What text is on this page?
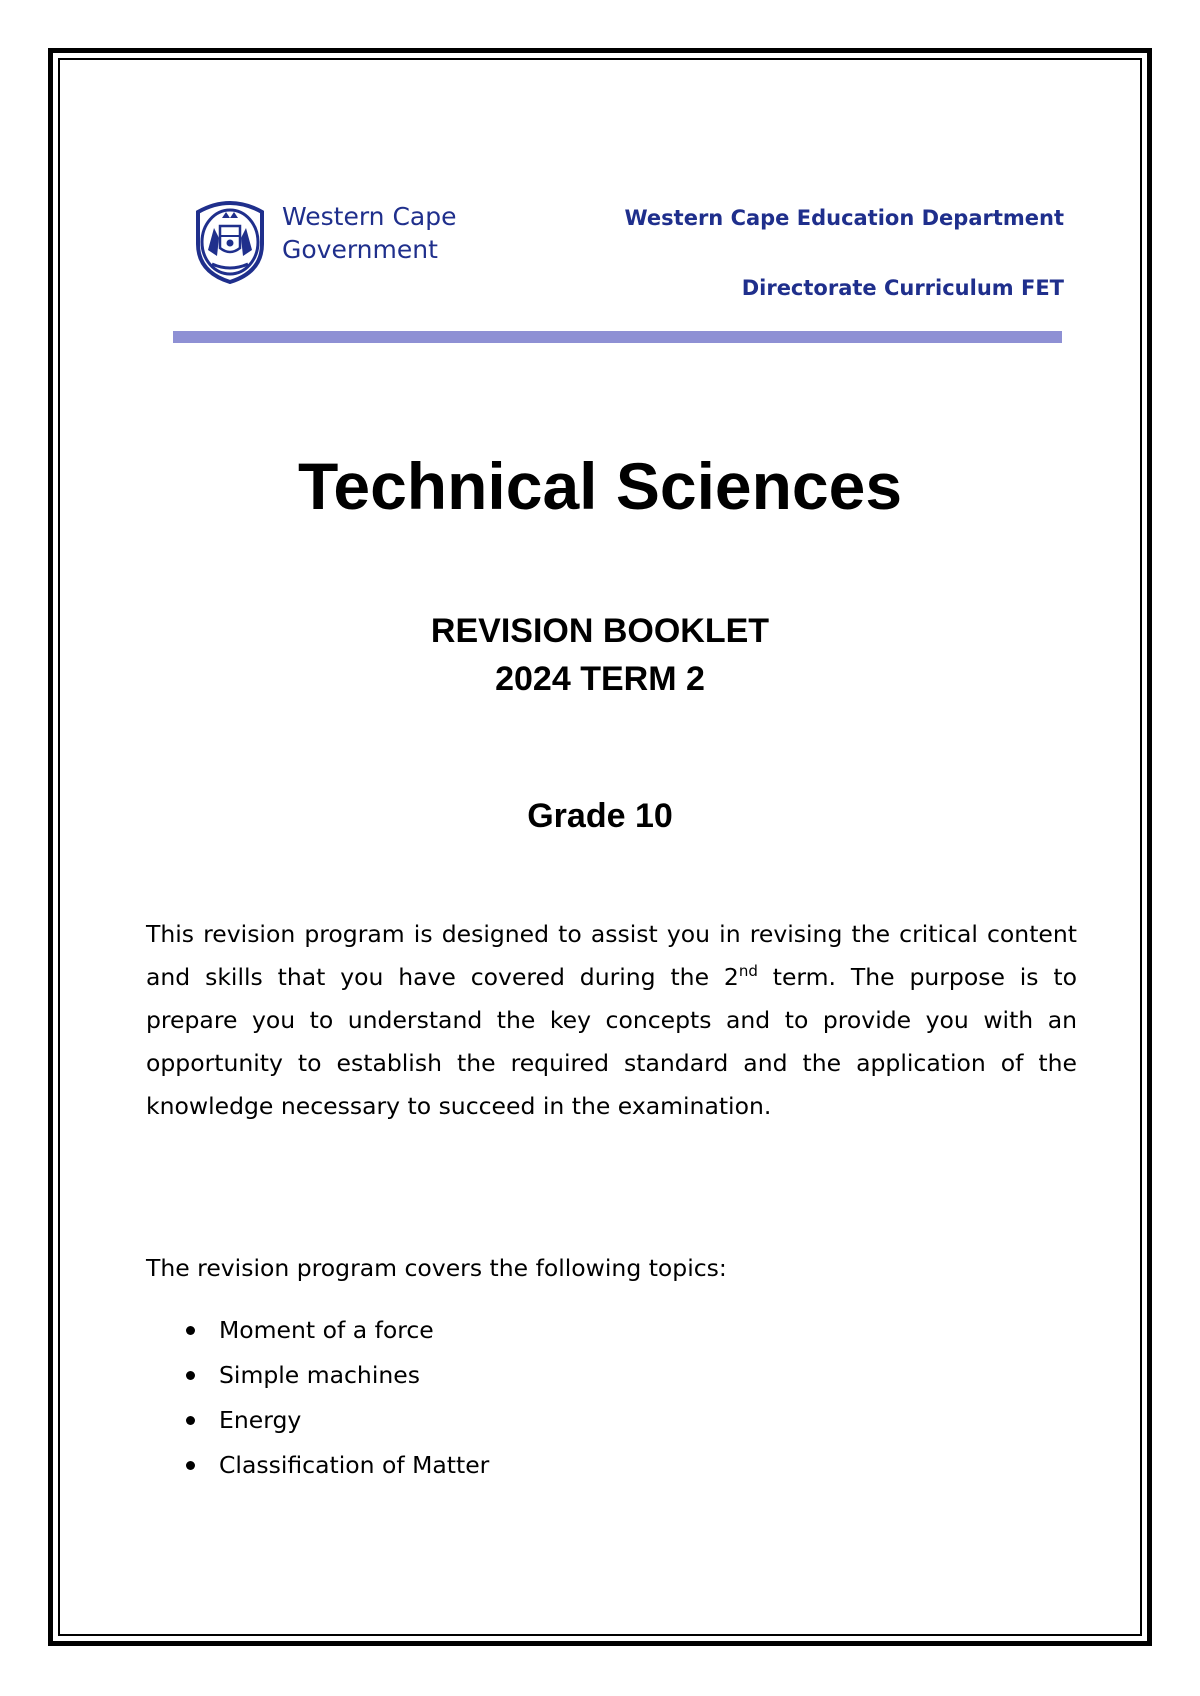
Western Cape
Government
Western Cape Education Department
Directorate Curriculum FET
Technical Sciences
REVISION BOOKLET
2024 TERM 2
Grade 10

This revision program is designed to assist you in revising the critical content and skills that you have covered during the 2nd term. The purpose is to prepare you to understand the key concepts and to provide you with an opportunity to establish the required standard and the application of the knowledge necessary to succeed in the examination.

The revision program covers the following topics:

Moment of a force
Simple machines
Energy
Classification of Matter
